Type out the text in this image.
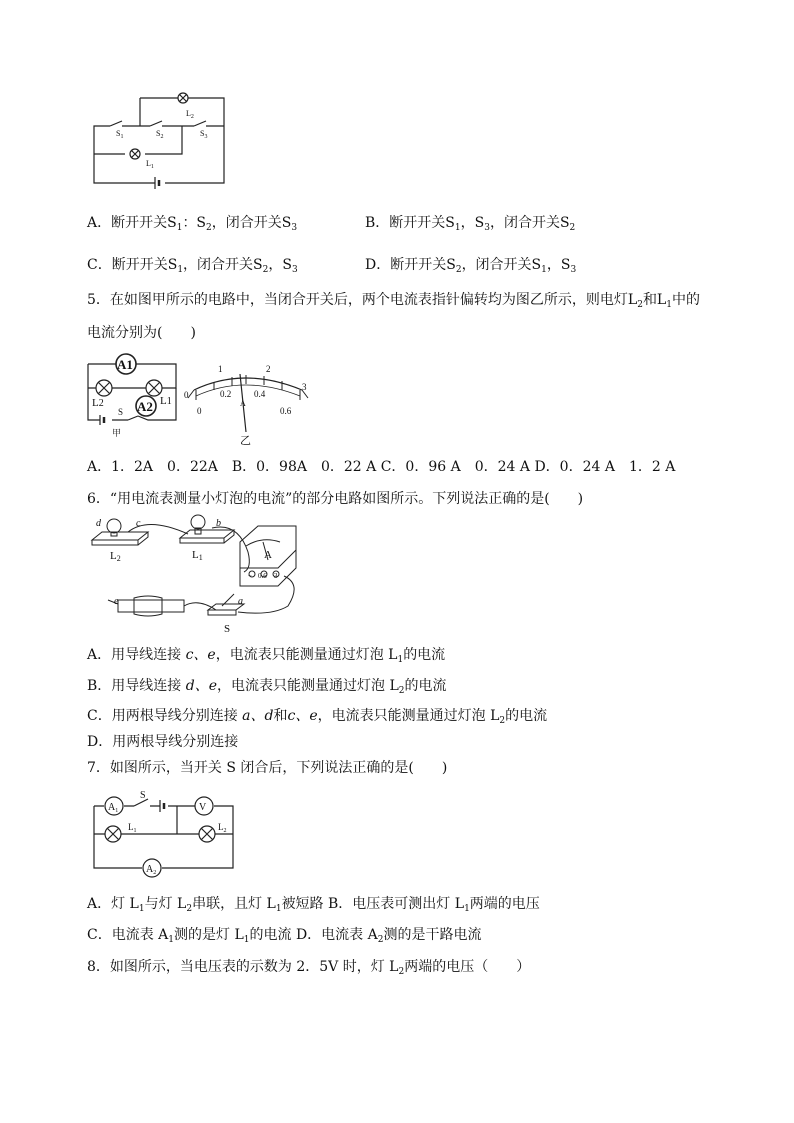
$L_2$
$S_1$	$S_2$	$S_3$
$L_1$
A．断开开关$S_1$：$S_2$，闭合开关$S_3$	B．断开开关$S_1$，$S_3$，闭合开关$S_2$
C．断开开关$S_1$，闭合开关$S_2$，$S_3$	D．断开开关$S_2$，闭合开关$S_1$，$S_3$
5．在如图甲所示的电路中，当闭合开关后，两个电流表指针偏转均为图乙所示，则电灯$L_2$和$L_1$中的
电流分别为(　　)
A1
A2
L2	L1
S
甲
1	2
3
0
0
0.2	0.4
0.6
A
乙
A．1．2A　0．22A　B．0．98A　0．22 A C．0．96 A　0．24 A D．0．24 A　1．2 A
6．“用电流表测量小灯泡的电流”的部分电路如图所示。下列说法正确的是(　　)
d	c	b
L2	L1	A
− 0.6 3
e	a
S
A．用导线连接 c、e，电流表只能测量通过灯泡 $L_1$的电流
B．用导线连接 d、e，电流表只能测量通过灯泡 $L_2$的电流
C．用两根导线分别连接 a、d和c、e，电流表只能测量通过灯泡 $L_2$的电流
D．用两根导线分别连接
7．如图所示，当开关 S 闭合后，下列说法正确的是(　　)
$A_1$
S
V
$L_1$	$L_2$
$A_2$
A．灯 $L_1$与灯 $L_2$串联，且灯 $L_1$被短路 B．电压表可测出灯 $L_1$两端的电压
C．电流表 $A_1$测的是灯 $L_1$的电流 D．电流表 $A_2$测的是干路电流
8．如图所示，当电压表的示数为 2．5V 时，灯 $L_2$两端的电压（　　）
